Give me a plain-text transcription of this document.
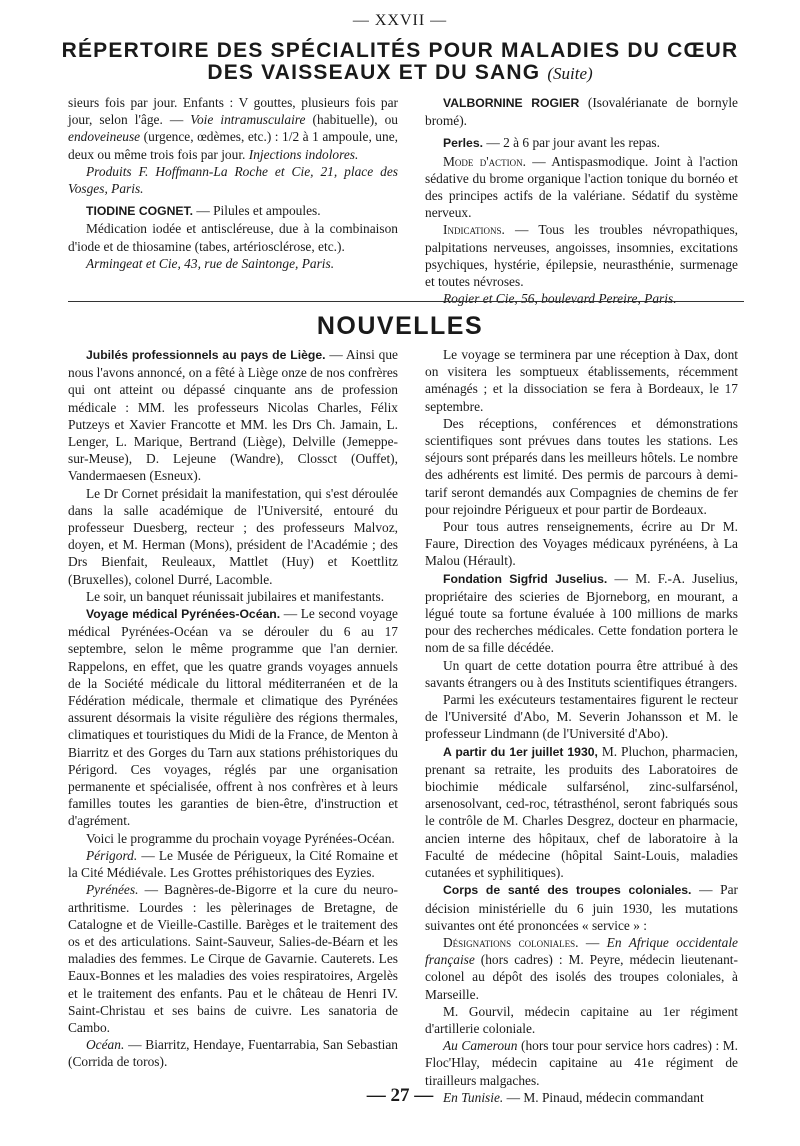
— XXVII —
RÉPERTOIRE DES SPÉCIALITÉS POUR MALADIES DU CŒUR
DES VAISSEAUX ET DU SANG (Suite)

sieurs fois par jour. Enfants : V gouttes, plusieurs fois par jour, selon l'âge. — Voie intramusculaire (habituelle), ou endoveineuse (urgence, œdèmes, etc.) : 1/2 à 1 ampoule, une, deux ou même trois fois par jour. Injections indolores.

Produits F. Hoffmann-La Roche et Cie, 21, place des Vosges, Paris.

TIODINE COGNET. — Pilules et ampoules.

Médication iodée et antiscléreuse, due à la combinaison d'iode et de thiosamine (tabes, artériosclérose, etc.).

Armingeat et Cie, 43, rue de Saintonge, Paris.

VALBORNINE ROGIER (Isovalérianate de bornyle bromé).

Perles. — 2 à 6 par jour avant les repas.

Mode d'action. — Antispasmodique. Joint à l'action sédative du brome organique l'action tonique du bornéo et des principes actifs de la valériane. Sédatif du système nerveux.

Indications. — Tous les troubles névropathiques, palpitations nerveuses, angoisses, insomnies, excitations psychiques, hystérie, épilepsie, neurasthénie, surmenage et toutes névroses.

Rogier et Cie, 56, boulevard Pereire, Paris.

NOUVELLES

Jubilés professionnels au pays de Liège. — Ainsi que nous l'avons annoncé, on a fêté à Liège onze de nos confrères qui ont atteint ou dépassé cinquante ans de profession médicale : MM. les professeurs Nicolas Charles, Félix Putzeys et Xavier Francotte et MM. les Drs Ch. Jamain, L. Lenger, L. Marique, Bertrand (Liège), Delville (Jemeppe-sur-Meuse), D. Lejeune (Wandre), Clossct (Ouffet), Vandermaesen (Esneux).

Le Dr Cornet présidait la manifestation, qui s'est déroulée dans la salle académique de l'Université, entouré du professeur Duesberg, recteur ; des professeurs Malvoz, doyen, et M. Herman (Mons), président de l'Académie ; des Drs Bienfait, Reuleaux, Mattlet (Huy) et Koettlitz (Bruxelles), colonel Durré, Lacomble.

Le soir, un banquet réunissait jubilaires et manifestants.

Voyage médical Pyrénées-Océan. — Le second voyage médical Pyrénées-Océan va se dérouler du 6 au 17 septembre, selon le même programme que l'an dernier. Rappelons, en effet, que les quatre grands voyages annuels de la Société médicale du littoral méditerranéen et de la Fédération médicale, thermale et climatique des Pyrénées assurent désormais la visite régulière des régions thermales, climatiques et touristiques du Midi de la France, de Menton à Biarritz et des Gorges du Tarn aux stations préhistoriques du Périgord. Ces voyages, réglés par une organisation permanente et spécialisée, offrent à nos confrères et à leurs familles toutes les garanties de bien-être, d'instruction et d'agrément.

Voici le programme du prochain voyage Pyrénées-Océan.

Périgord. — Le Musée de Périgueux, la Cité Romaine et la Cité Médiévale. Les Grottes préhistoriques des Eyzies.

Pyrénées. — Bagnères-de-Bigorre et la cure du neuro-arthritisme. Lourdes : les pèlerinages de Bretagne, de Catalogne et de Vieille-Castille. Barèges et le traitement des os et des articulations. Saint-Sauveur, Salies-de-Béarn et les maladies des femmes. Le Cirque de Gavarnie. Cauterets. Les Eaux-Bonnes et les maladies des voies respiratoires, Argelès et le traitement des enfants. Pau et le château de Henri IV. Saint-Christau et ses bains de cuivre. Les sanatoria de Cambo.

Océan. — Biarritz, Hendaye, Fuentarrabia, San Sebastian (Corrida de toros).

Le voyage se terminera par une réception à Dax, dont on visitera les somptueux établissements, récemment aménagés ; et la dissociation se fera à Bordeaux, le 17 septembre.

Des réceptions, conférences et démonstrations scientifiques sont prévues dans toutes les stations. Les séjours sont préparés dans les meilleurs hôtels. Le nombre des adhérents est limité. Des permis de parcours à demi-tarif seront demandés aux Compagnies de chemins de fer pour rejoindre Périgueux et pour partir de Bordeaux.

Pour tous autres renseignements, écrire au Dr M. Faure, Direction des Voyages médicaux pyrénéens, à La Malou (Hérault).

Fondation Sigfrid Juselius. — M. F.-A. Juselius, propriétaire des scieries de Bjorneborg, en mourant, a légué toute sa fortune évaluée à 100 millions de marks pour des recherches médicales. Cette fondation portera le nom de sa fille décédée.

Un quart de cette dotation pourra être attribué à des savants étrangers ou à des Instituts scientifiques étrangers.

Parmi les exécuteurs testamentaires figurent le recteur de l'Université d'Abo, M. Severin Johansson et M. le professeur Lindmann (de l'Université d'Abo).

A partir du 1er juillet 1930, M. Pluchon, pharmacien, prenant sa retraite, les produits des Laboratoires de biochimie médicale sulfarsénol, zinc-sulfarsénol, arsenosolvant, ced-roc, tétrasthénol, seront fabriqués sous le contrôle de M. Charles Desgrez, docteur en pharmacie, ancien interne des hôpitaux, chef de laboratoire à la Faculté de médecine (hôpital Saint-Louis, maladies cutanées et syphilitiques).

Corps de santé des troupes coloniales. — Par décision ministérielle du 6 juin 1930, les mutations suivantes ont été prononcées « service » :

Désignations coloniales. — En Afrique occidentale française (hors cadres) : M. Peyre, médecin lieutenant-colonel au dépôt des isolés des troupes coloniales, à Marseille.

M. Gourvil, médecin capitaine au 1er régiment d'artillerie coloniale.

Au Cameroun (hors tour pour service hors cadres) : M. Floc'Hlay, médecin capitaine au 41e régiment de tirailleurs malgaches.

En Tunisie. — M. Pinaud, médecin commandant

— 27 —
